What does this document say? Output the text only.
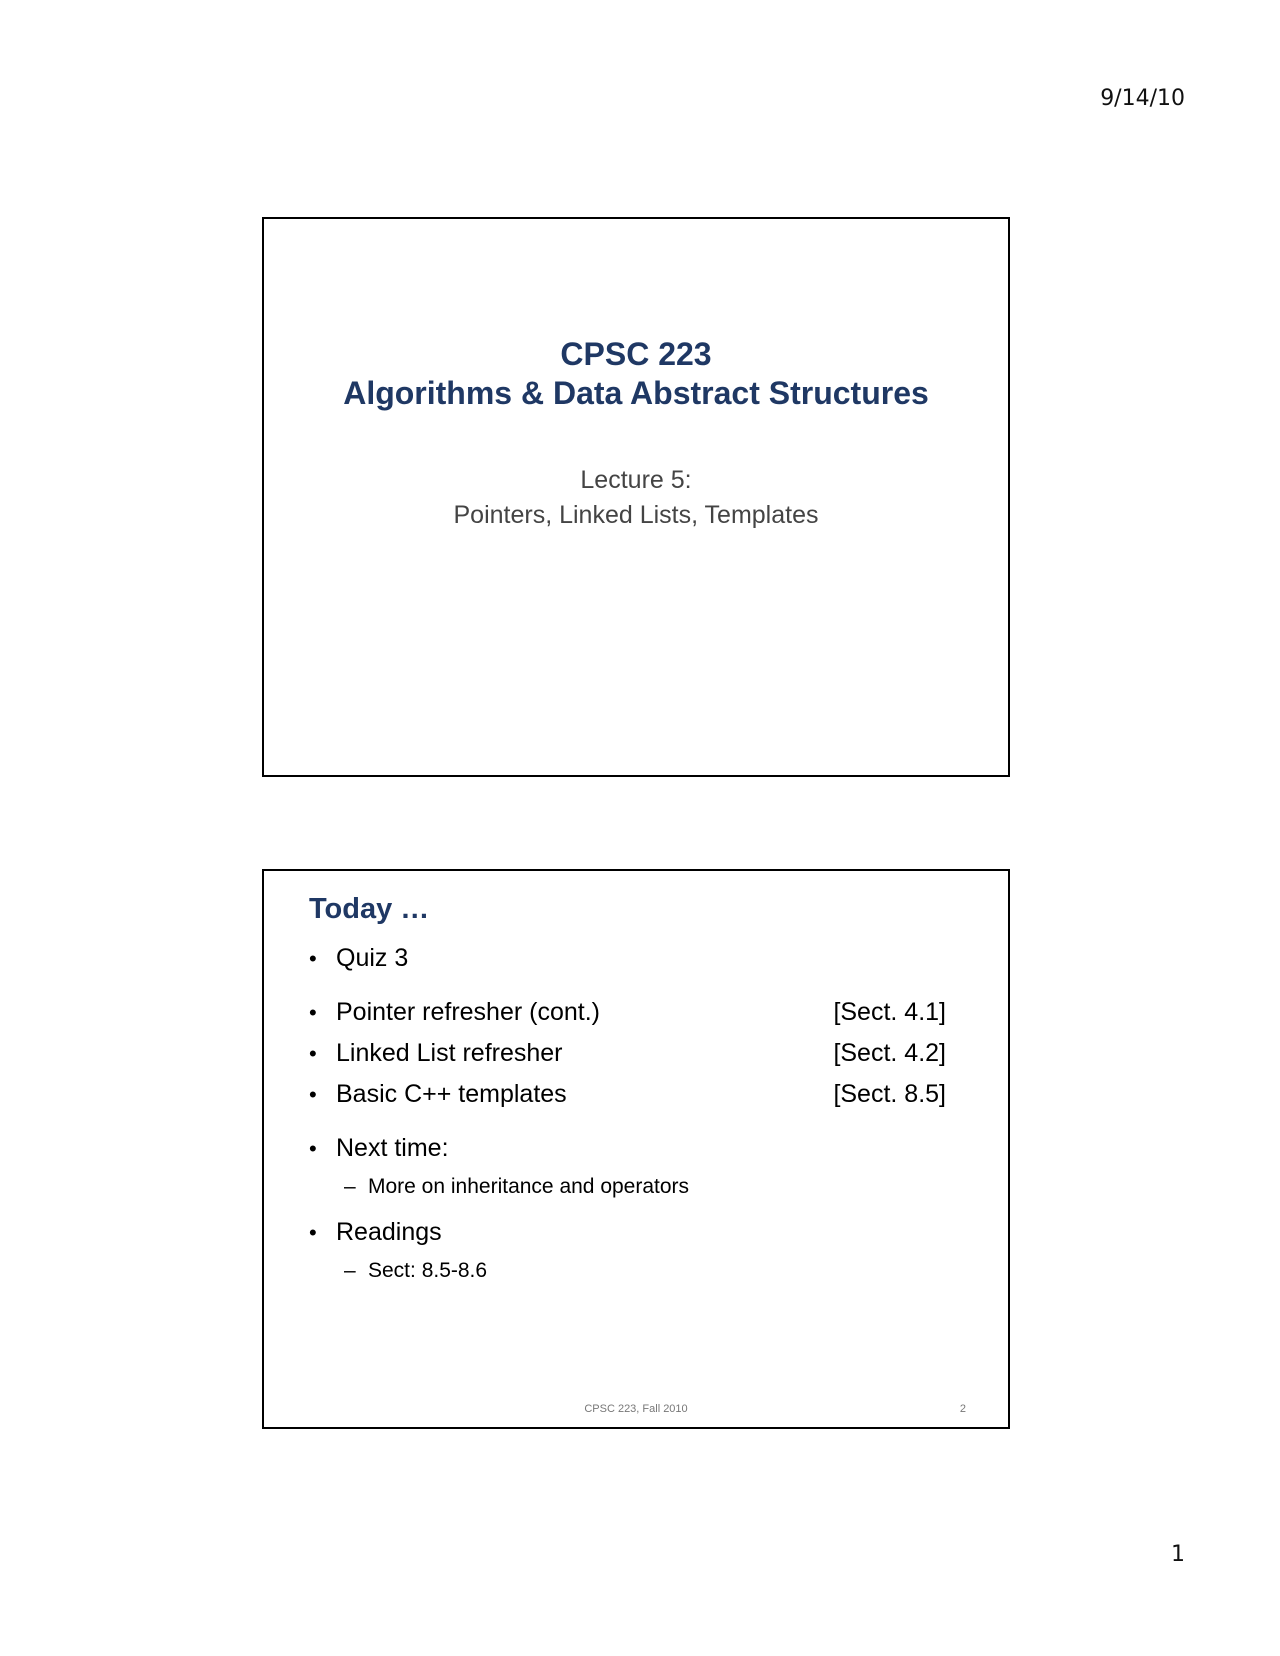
9/14/10
CPSC 223
Algorithms & Data Abstract Structures
Lecture 5:
Pointers, Linked Lists, Templates
Today …
• Quiz 3
• Pointer refresher (cont.)	[Sect. 4.1]
• Linked List refresher	[Sect. 4.2]
• Basic C++ templates	[Sect. 8.5]
• Next time:
– More on inheritance and operators
• Readings
– Sect: 8.5-8.6
CPSC 223, Fall 2010	2
1
